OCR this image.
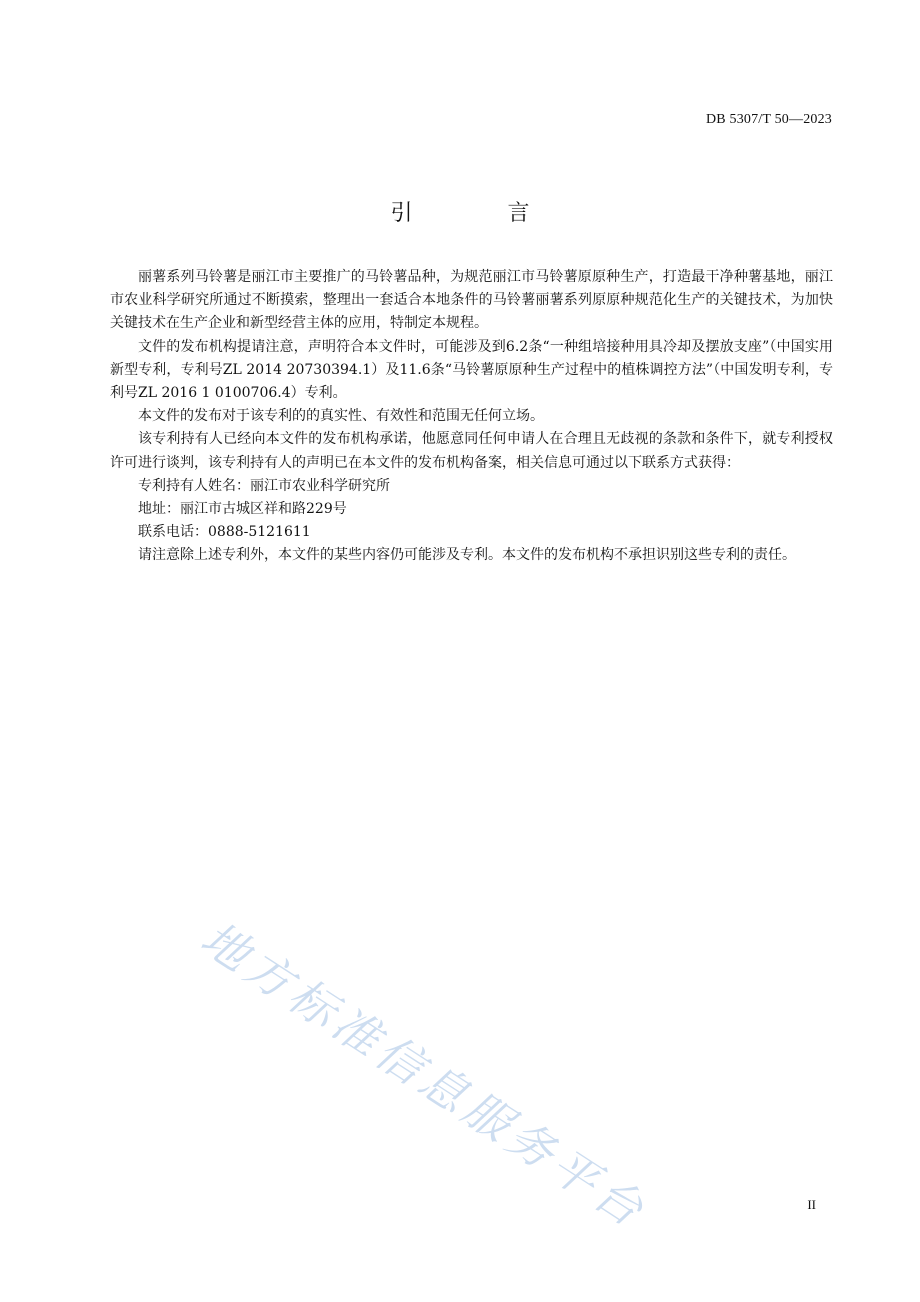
DB 5307/T 50—2023
引 言

丽薯系列马铃薯是丽江市主要推广的马铃薯品种，为规范丽江市马铃薯原原种生产，打造最干净种薯基地，丽江市农业科学研究所通过不断摸索，整理出一套适合本地条件的马铃薯丽薯系列原原种规范化生产的关键技术，为加快关键技术在生产企业和新型经营主体的应用，特制定本规程。

文件的发布机构提请注意，声明符合本文件时，可能涉及到6.2条“一种组培接种用具冷却及摆放支座”（中国实用新型专利，专利号ZL 2014 20730394.1）及11.6条“马铃薯原原种生产过程中的植株调控方法”（中国发明专利，专利号ZL 2016 1 0100706.4）专利。

本文件的发布对于该专利的的真实性、有效性和范围无任何立场。

该专利持有人已经向本文件的发布机构承诺，他愿意同任何申请人在合理且无歧视的条款和条件下，就专利授权许可进行谈判，该专利持有人的声明已在本文件的发布机构备案，相关信息可通过以下联系方式获得：

专利持有人姓名：丽江市农业科学研究所

地址：丽江市古城区祥和路229号

联系电话：0888-5121611

请注意除上述专利外，本文件的某些内容仍可能涉及专利。本文件的发布机构不承担识别这些专利的责任。

地方标准信息服务平台	II
